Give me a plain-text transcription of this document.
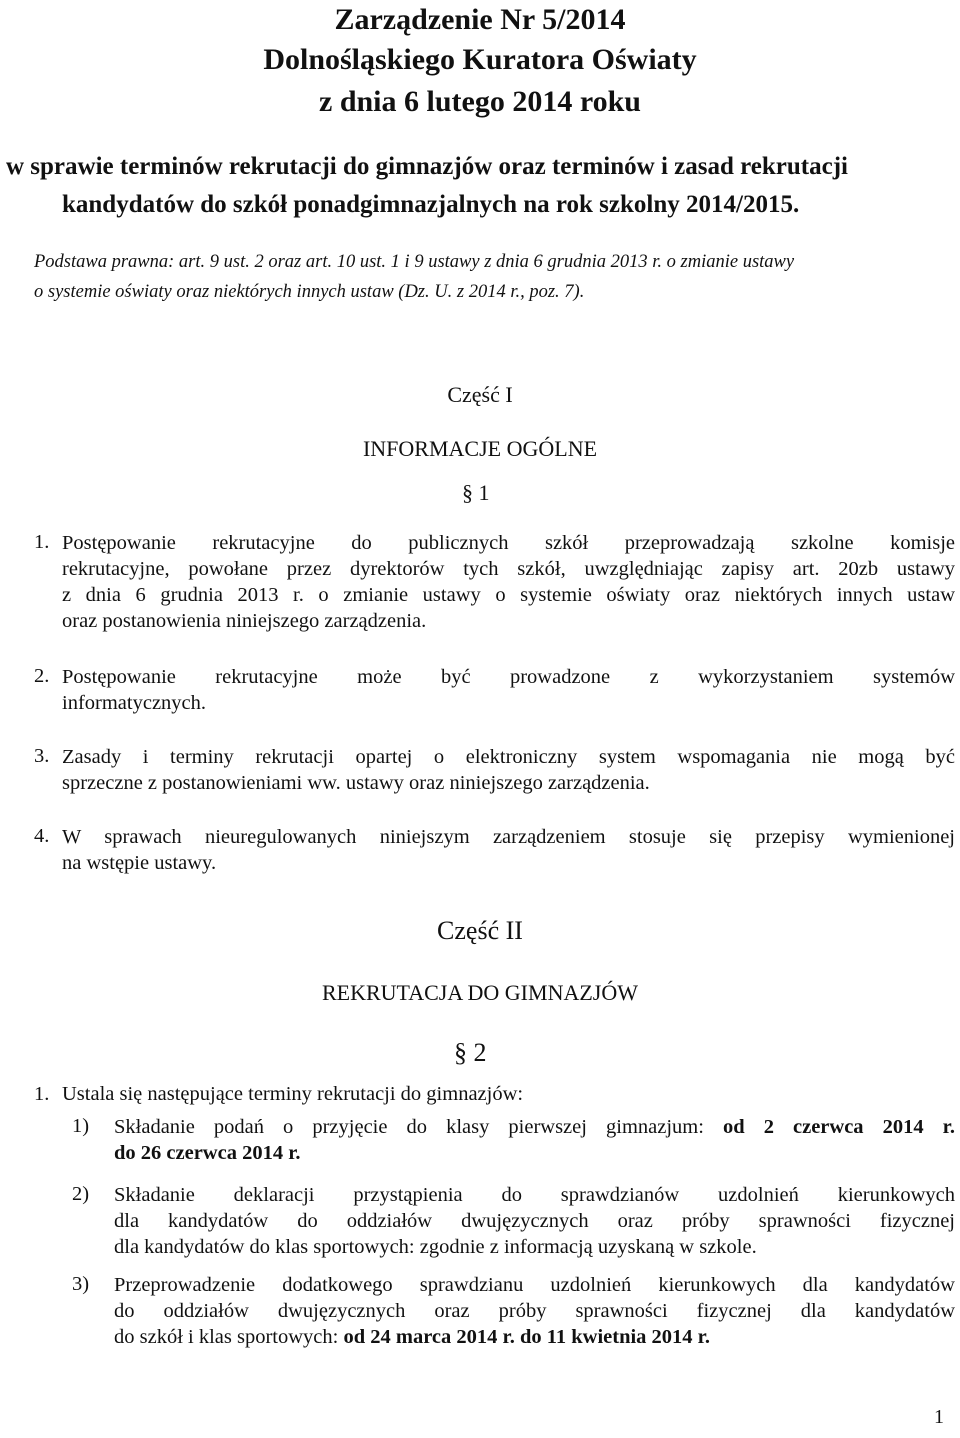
Zarządzenie Nr 5/2014
Dolnośląskiego Kuratora Oświaty
z dnia 6 lutego 2014 roku
w sprawie terminów rekrutacji do gimnazjów oraz terminów i zasad rekrutacji
kandydatów do szkół ponadgimnazjalnych na rok szkolny 2014/2015.
Podstawa prawna: art. 9 ust. 2 oraz art. 10 ust. 1 i 9 ustawy z dnia 6 grudnia 2013 r. o zmianie ustawy
o systemie oświaty oraz niektórych innych ustaw (Dz. U. z 2014 r., poz. 7).
Część I
INFORMACJE OGÓLNE
§ 1
1. Postępowanie rekrutacyjne do publicznych szkół przeprowadzają szkolne komisje
rekrutacyjne, powołane przez dyrektorów tych szkół, uwzględniając zapisy art. 20zb ustawy
z dnia 6 grudnia 2013 r. o zmianie ustawy o systemie oświaty oraz niektórych innych ustaw
oraz postanowienia niniejszego zarządzenia.
2. Postępowanie rekrutacyjne może być prowadzone z wykorzystaniem systemów
informatycznych.
3. Zasady i terminy rekrutacji opartej o elektroniczny system wspomagania nie mogą być
sprzeczne z postanowieniami ww. ustawy oraz niniejszego zarządzenia.
4. W sprawach nieuregulowanych niniejszym zarządzeniem stosuje się przepisy wymienionej
na wstępie ustawy.
Część II
REKRUTACJA DO GIMNAZJÓW
§ 2
1. Ustala się następujące terminy rekrutacji do gimnazjów:
1) Składanie podań o przyjęcie do klasy pierwszej gimnazjum: od 2 czerwca 2014 r.
do 26 czerwca 2014 r.
2) Składanie deklaracji przystąpienia do sprawdzianów uzdolnień kierunkowych
dla kandydatów do oddziałów dwujęzycznych oraz próby sprawności fizycznej
dla kandydatów do klas sportowych: zgodnie z informacją uzyskaną w szkole.
3) Przeprowadzenie dodatkowego sprawdzianu uzdolnień kierunkowych dla kandydatów
do oddziałów dwujęzycznych oraz próby sprawności fizycznej dla kandydatów
do szkół i klas sportowych: od 24 marca 2014 r. do 11 kwietnia 2014 r.
1
